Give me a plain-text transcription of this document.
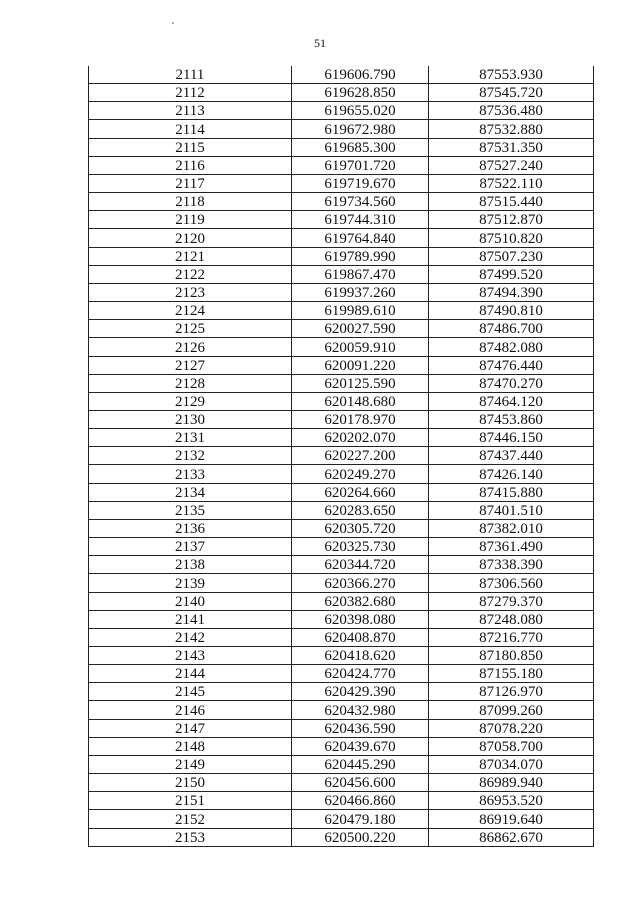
51
2111	619606.790	87553.930
2112	619628.850	87545.720
2113	619655.020	87536.480
2114	619672.980	87532.880
2115	619685.300	87531.350
2116	619701.720	87527.240
2117	619719.670	87522.110
2118	619734.560	87515.440
2119	619744.310	87512.870
2120	619764.840	87510.820
2121	619789.990	87507.230
2122	619867.470	87499.520
2123	619937.260	87494.390
2124	619989.610	87490.810
2125	620027.590	87486.700
2126	620059.910	87482.080
2127	620091.220	87476.440
2128	620125.590	87470.270
2129	620148.680	87464.120
2130	620178.970	87453.860
2131	620202.070	87446.150
2132	620227.200	87437.440
2133	620249.270	87426.140
2134	620264.660	87415.880
2135	620283.650	87401.510
2136	620305.720	87382.010
2137	620325.730	87361.490
2138	620344.720	87338.390
2139	620366.270	87306.560
2140	620382.680	87279.370
2141	620398.080	87248.080
2142	620408.870	87216.770
2143	620418.620	87180.850
2144	620424.770	87155.180
2145	620429.390	87126.970
2146	620432.980	87099.260
2147	620436.590	87078.220
2148	620439.670	87058.700
2149	620445.290	87034.070
2150	620456.600	86989.940
2151	620466.860	86953.520
2152	620479.180	86919.640
2153	620500.220	86862.670
